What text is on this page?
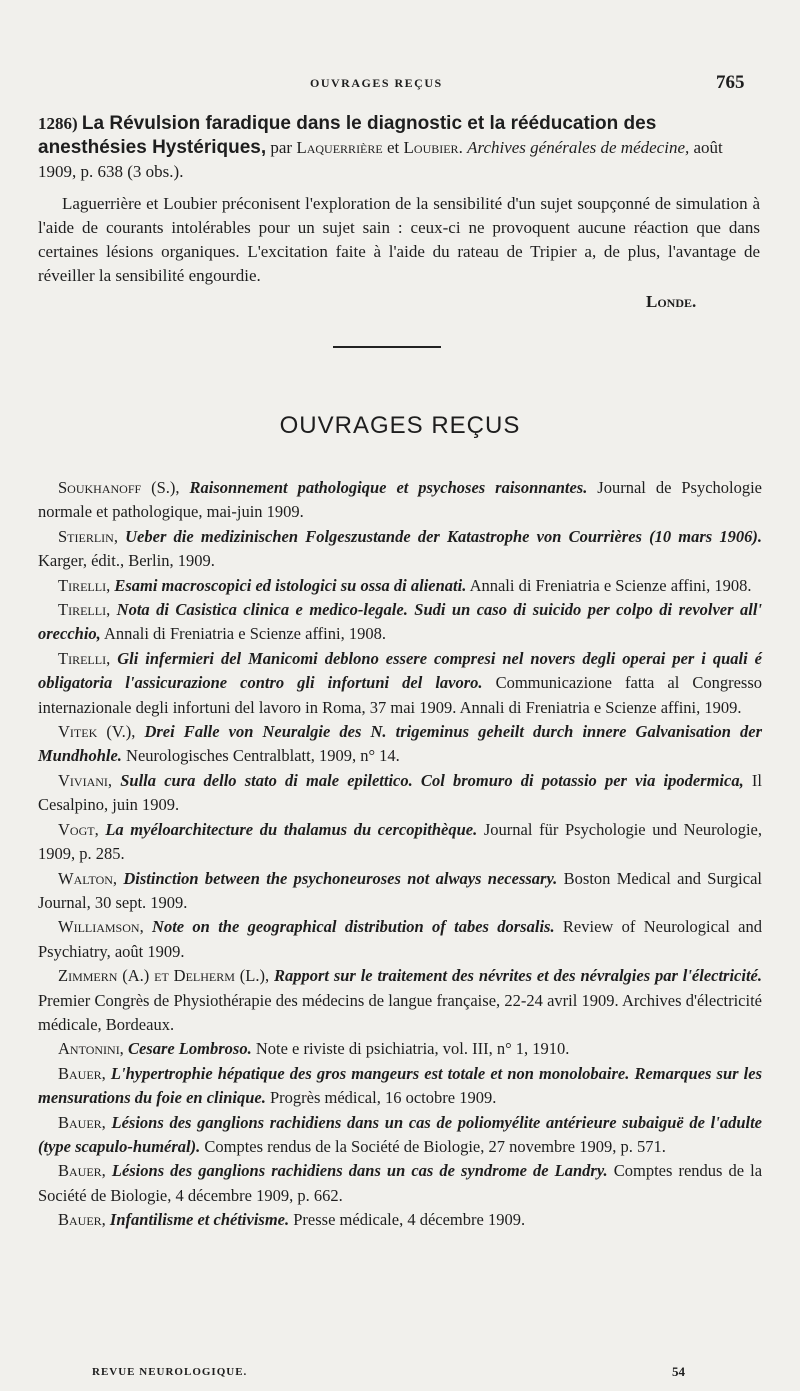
OUVRAGES REÇUS	765
1286) La Révulsion faradique dans le diagnostic et la rééducation des anesthésies Hystériques, par Laquerrière et Loubier. Archives générales de médecine, août 1909, p. 638 (3 obs.).
Laguerrière et Loubier préconisent l'exploration de la sensibilité d'un sujet soupçonné de simulation à l'aide de courants intolérables pour un sujet sain : ceux-ci ne provoquent aucune réaction que dans certaines lésions organiques. L'excitation faite à l'aide du rateau de Tripier a, de plus, l'avantage de réveiller la sensibilité engourdie.
Londe.
OUVRAGES REÇUS
Soukhanoff (S.), Raisonnement pathologique et psychoses raisonnantes. Journal de Psychologie normale et pathologique, mai-juin 1909.
Stierlin, Ueber die medizinischen Folgeszustande der Katastrophe von Courrières (10 mars 1906). Karger, édit., Berlin, 1909.
Tirelli, Esami macroscopici ed istologici su ossa di alienati. Annali di Freniatria e Scienze affini, 1908.
Tirelli, Nota di Casistica clinica e medico-legale. Sudi un caso di suicido per colpo di revolver all' orecchio, Annali di Freniatria e Scienze affini, 1908.
Tirelli, Gli infermieri del Manicomi deblono essere compresi nel novers degli operai per i quali é obligatoria l'assicurazione contro gli infortuni del lavoro. Communicazione fatta al Congresso internazionale degli infortuni del lavoro in Roma, 37 mai 1909. Annali di Freniatria e Scienze affini, 1909.
Vitek (V.), Drei Falle von Neuralgie des N. trigeminus geheilt durch innere Galvanisation der Mundhohle. Neurologisches Centralblatt, 1909, n° 14.
Viviani, Sulla cura dello stato di male epilettico. Col bromuro di potassio per via ipodermica, Il Cesalpino, juin 1909.
Vogt, La myéloarchitecture du thalamus du cercopithèque. Journal für Psychologie und Neurologie, 1909, p. 285.
Walton, Distinction between the psychoneuroses not always necessary. Boston Medical and Surgical Journal, 30 sept. 1909.
Williamson, Note on the geographical distribution of tabes dorsalis. Review of Neurological and Psychiatry, août 1909.
Zimmern (A.) et Delherm (L.), Rapport sur le traitement des névrites et des névralgies par l'électricité. Premier Congrès de Physiothérapie des médecins de langue française, 22-24 avril 1909. Archives d'électricité médicale, Bordeaux.
Antonini, Cesare Lombroso. Note e riviste di psichiatria, vol. III, n° 1, 1910.
Bauer, L'hypertrophie hépatique des gros mangeurs est totale et non monolobaire. Remarques sur les mensurations du foie en clinique. Progrès médical, 16 octobre 1909.
Bauer, Lésions des ganglions rachidiens dans un cas de poliomyélite antérieure subaiguë de l'adulte (type scapulo-huméral). Comptes rendus de la Société de Biologie, 27 novembre 1909, p. 571.
Bauer, Lésions des ganglions rachidiens dans un cas de syndrome de Landry. Comptes rendus de la Société de Biologie, 4 décembre 1909, p. 662.
Bauer, Infantilisme et chétivisme. Presse médicale, 4 décembre 1909.
REVUE NEUROLOGIQUE.	54
